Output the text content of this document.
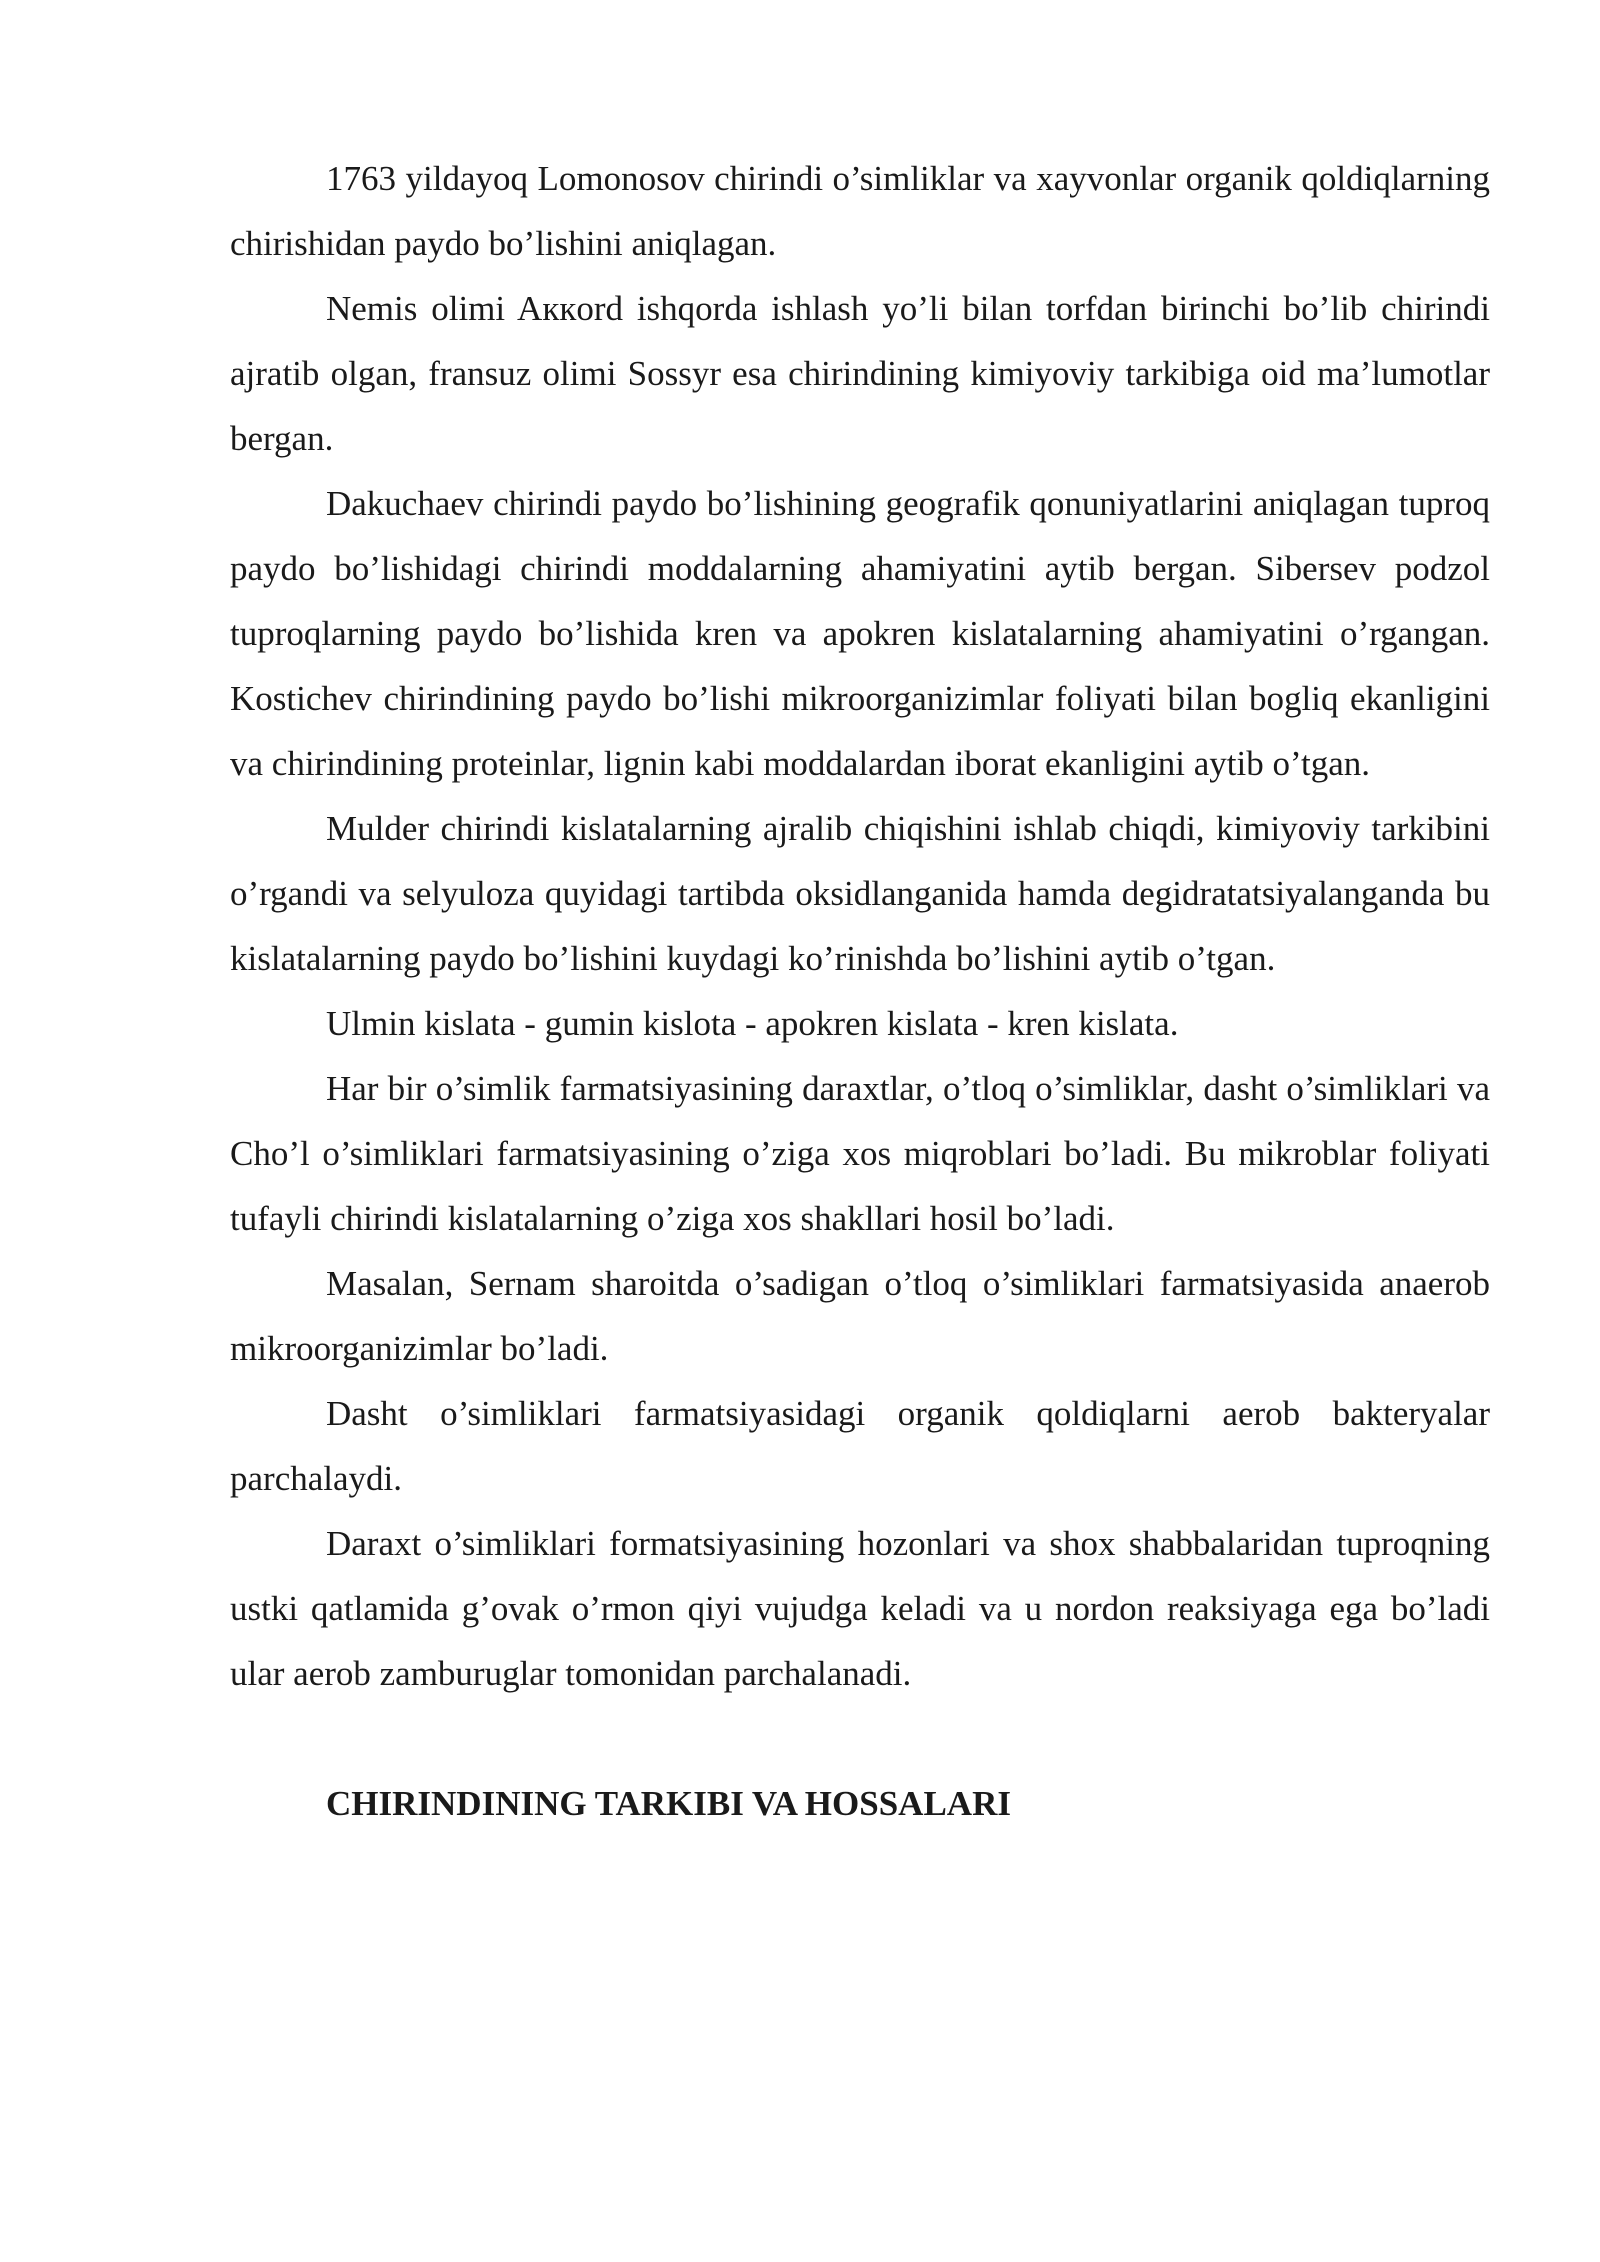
1763 yildayoq Lomonosov chirindi o’simliklar va xayvonlar organik qoldiqlarning chirishidan paydo bo’lishini aniqlagan.

Nemis olimi Aккord ishqorda ishlash yo’li bilan torfdan birinchi bo’lib chirindi ajratib olgan, fransuz olimi Sossyr esa chirindining kimiyoviy tarkibiga oid ma’lumotlar bergan.

Dakuchaev chirindi paydo bo’lishining geografik qonuniyatlarini aniqlagan tuproq paydo bo’lishidagi chirindi moddalarning ahamiyatini aytib bergan. Sibersev podzol tuproqlarning paydo bo’lishida kren va apokren kislatalarning ahamiyatini o’rgangan. Kostichev chirindining paydo bo’lishi mikroorganizimlar foliyati bilan bogliq ekanligini va chirindining proteinlar, lignin kabi moddalardan iborat ekanligini aytib o’tgan.

Mulder chirindi kislatalarning ajralib chiqishini ishlab chiqdi, kimiyoviy tarkibini o’rgandi va selyuloza quyidagi tartibda oksidlanganida hamda degidratatsiyalanganda bu kislatalarning paydo bo’lishini kuydagi ko’rinishda bo’lishini aytib o’tgan.

Ulmin kislata - gumin kislota - apokren kislata - kren kislata.

Har bir o’simlik farmatsiyasining daraxtlar, o’tloq o’simliklar, dasht o’simliklari va Cho’l o’simliklari farmatsiyasining o’ziga xos miqroblari bo’ladi. Bu mikroblar foliyati tufayli chirindi kislatalarning o’ziga xos shakllari hosil bo’ladi.

Masalan, Sernam sharoitda o’sadigan o’tloq o’simliklari farmatsiyasida anaerob mikroorganizimlar bo’ladi.

Dasht o’simliklari farmatsiyasidagi organik qoldiqlarni aerob bakteryalar parchalaydi.

Daraxt o’simliklari formatsiyasining hozonlari va shox shabbalaridan tuproqning ustki qatlamida g’ovak o’rmon qiyi vujudga keladi va u nordon reaksiyaga ega bo’ladi ular aerob zamburuglar tomonidan parchalanadi.

CHIRINDINING TARKIBI VA HOSSALARI
